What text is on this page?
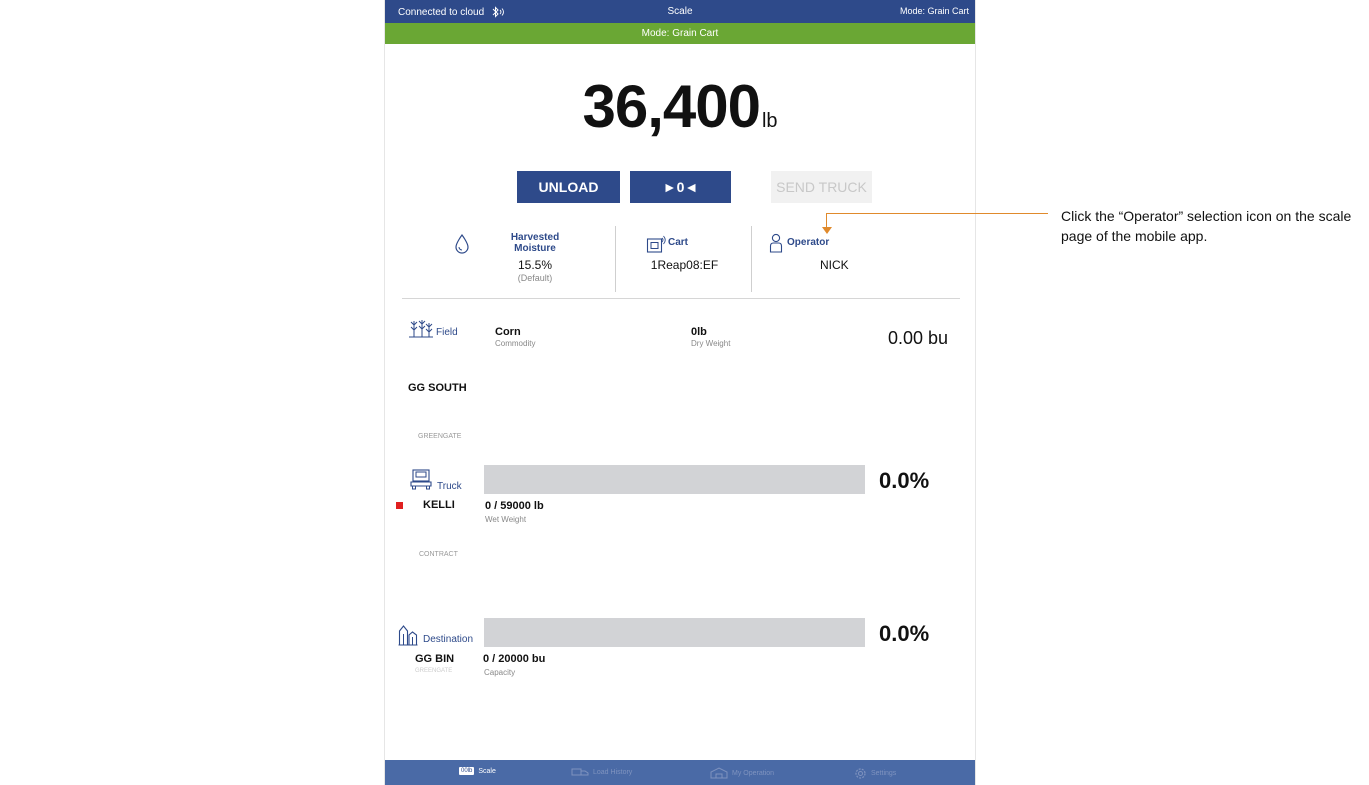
Connected to cloud	Scale	Mode: Grain Cart
Mode: Grain Cart
36,400 lb
UNLOAD	►0◄	SEND TRUCK
Harvested
Moisture
15.5%
(Default)
Cart
1Reap08:EF
Operator
NICK
Field	Corn
Commodity
0lb
Dry Weight	0.00 bu
GG SOUTH
GREENGATE
Truck
KELLI
CONTRACT
0.0%
0 / 59000 lb
Wet Weight
Destination
GG BIN
GREENGATE
0.0%
0 / 20000 bu
Capacity
00lb Scale	Load History	My Operation	Settings
Click the “Operator” selection icon on the scale page of the mobile app.
